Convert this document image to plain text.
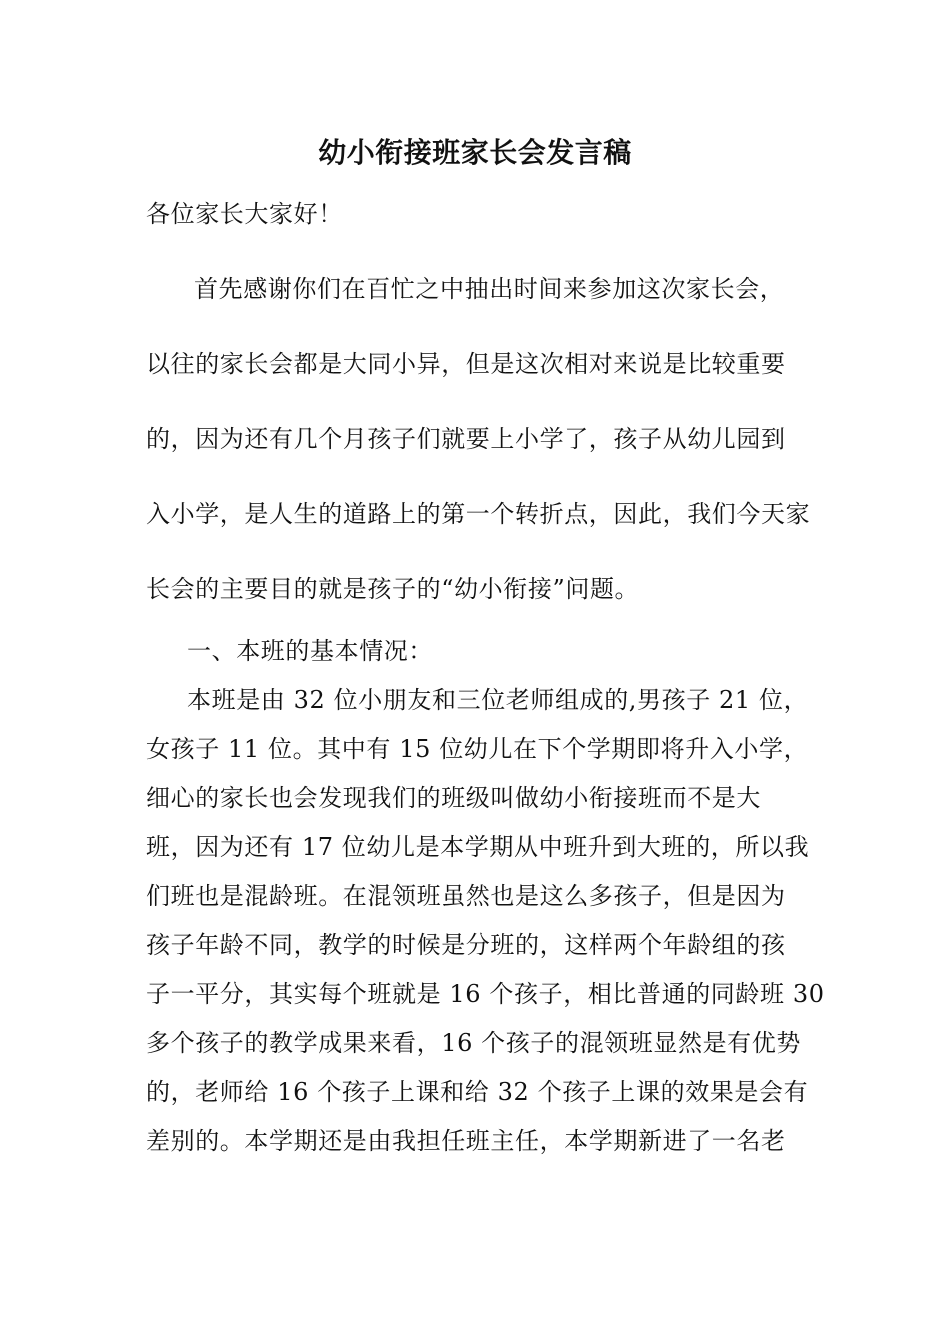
幼小衔接班家长会发言稿
各位家长大家好！
首先感谢你们在百忙之中抽出时间来参加这次家长会，
以往的家长会都是大同小异，但是这次相对来说是比较重要
的，因为还有几个月孩子们就要上小学了，孩子从幼儿园到
入小学，是人生的道路上的第一个转折点，因此，我们今天家
长会的主要目的就是孩子的“幼小衔接”问题。
一、本班的基本情况：
本班是由 32 位小朋友和三位老师组成的,男孩子 21 位，
女孩子 11 位。其中有 15 位幼儿在下个学期即将升入小学，
细心的家长也会发现我们的班级叫做幼小衔接班而不是大
班，因为还有 17 位幼儿是本学期从中班升到大班的，所以我
们班也是混龄班。在混领班虽然也是这么多孩子，但是因为
孩子年龄不同，教学的时候是分班的，这样两个年龄组的孩
子一平分，其实每个班就是 16 个孩子，相比普通的同龄班 30
多个孩子的教学成果来看，16 个孩子的混领班显然是有优势
的，老师给 16 个孩子上课和给 32 个孩子上课的效果是会有
差别的。本学期还是由我担任班主任，本学期新进了一名老
